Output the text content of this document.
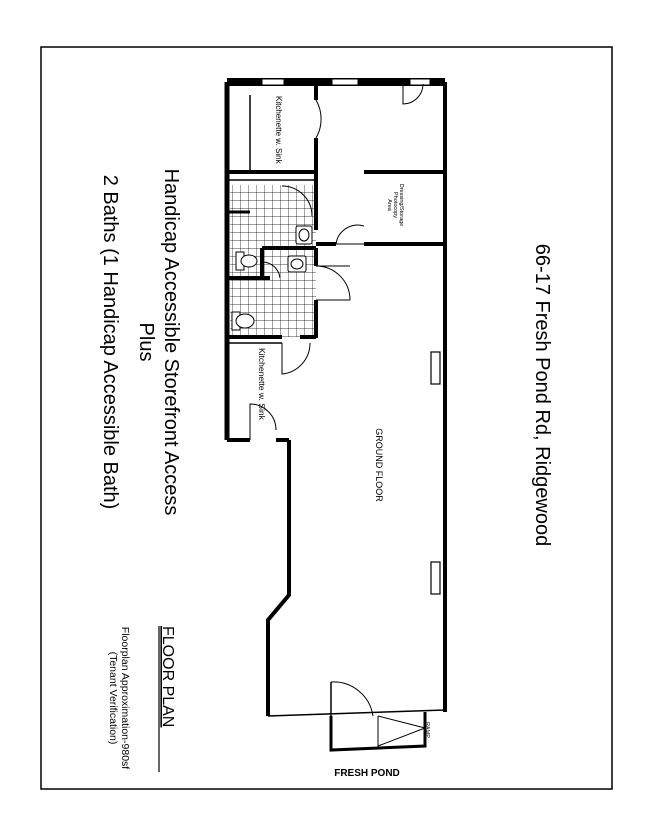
Kitchenette w. Sink
Kitchenette w. Sink
Dressing/Storage
Photocopy
Area
GROUND FLOOR
RAMP
66-17 Fresh Pond Rd, Ridgewood
Handicap Accessible Storefront Access
Plus
2 Baths (1 Handicap Accessible Bath)
FLOOR PLAN
Floorplan Approximation-980sf
(Tenant Verification)
FRESH POND
